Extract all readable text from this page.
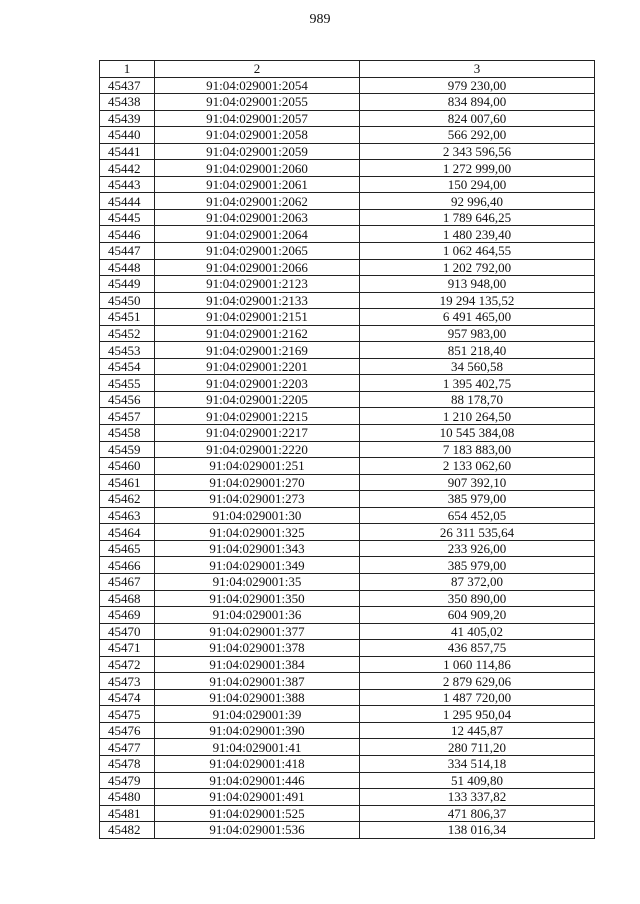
989
1	2	3
45437	91:04:029001:2054	979 230,00
45438	91:04:029001:2055	834 894,00
45439	91:04:029001:2057	824 007,60
45440	91:04:029001:2058	566 292,00
45441	91:04:029001:2059	2 343 596,56
45442	91:04:029001:2060	1 272 999,00
45443	91:04:029001:2061	150 294,00
45444	91:04:029001:2062	92 996,40
45445	91:04:029001:2063	1 789 646,25
45446	91:04:029001:2064	1 480 239,40
45447	91:04:029001:2065	1 062 464,55
45448	91:04:029001:2066	1 202 792,00
45449	91:04:029001:2123	913 948,00
45450	91:04:029001:2133	19 294 135,52
45451	91:04:029001:2151	6 491 465,00
45452	91:04:029001:2162	957 983,00
45453	91:04:029001:2169	851 218,40
45454	91:04:029001:2201	34 560,58
45455	91:04:029001:2203	1 395 402,75
45456	91:04:029001:2205	88 178,70
45457	91:04:029001:2215	1 210 264,50
45458	91:04:029001:2217	10 545 384,08
45459	91:04:029001:2220	7 183 883,00
45460	91:04:029001:251	2 133 062,60
45461	91:04:029001:270	907 392,10
45462	91:04:029001:273	385 979,00
45463	91:04:029001:30	654 452,05
45464	91:04:029001:325	26 311 535,64
45465	91:04:029001:343	233 926,00
45466	91:04:029001:349	385 979,00
45467	91:04:029001:35	87 372,00
45468	91:04:029001:350	350 890,00
45469	91:04:029001:36	604 909,20
45470	91:04:029001:377	41 405,02
45471	91:04:029001:378	436 857,75
45472	91:04:029001:384	1 060 114,86
45473	91:04:029001:387	2 879 629,06
45474	91:04:029001:388	1 487 720,00
45475	91:04:029001:39	1 295 950,04
45476	91:04:029001:390	12 445,87
45477	91:04:029001:41	280 711,20
45478	91:04:029001:418	334 514,18
45479	91:04:029001:446	51 409,80
45480	91:04:029001:491	133 337,82
45481	91:04:029001:525	471 806,37
45482	91:04:029001:536	138 016,34
